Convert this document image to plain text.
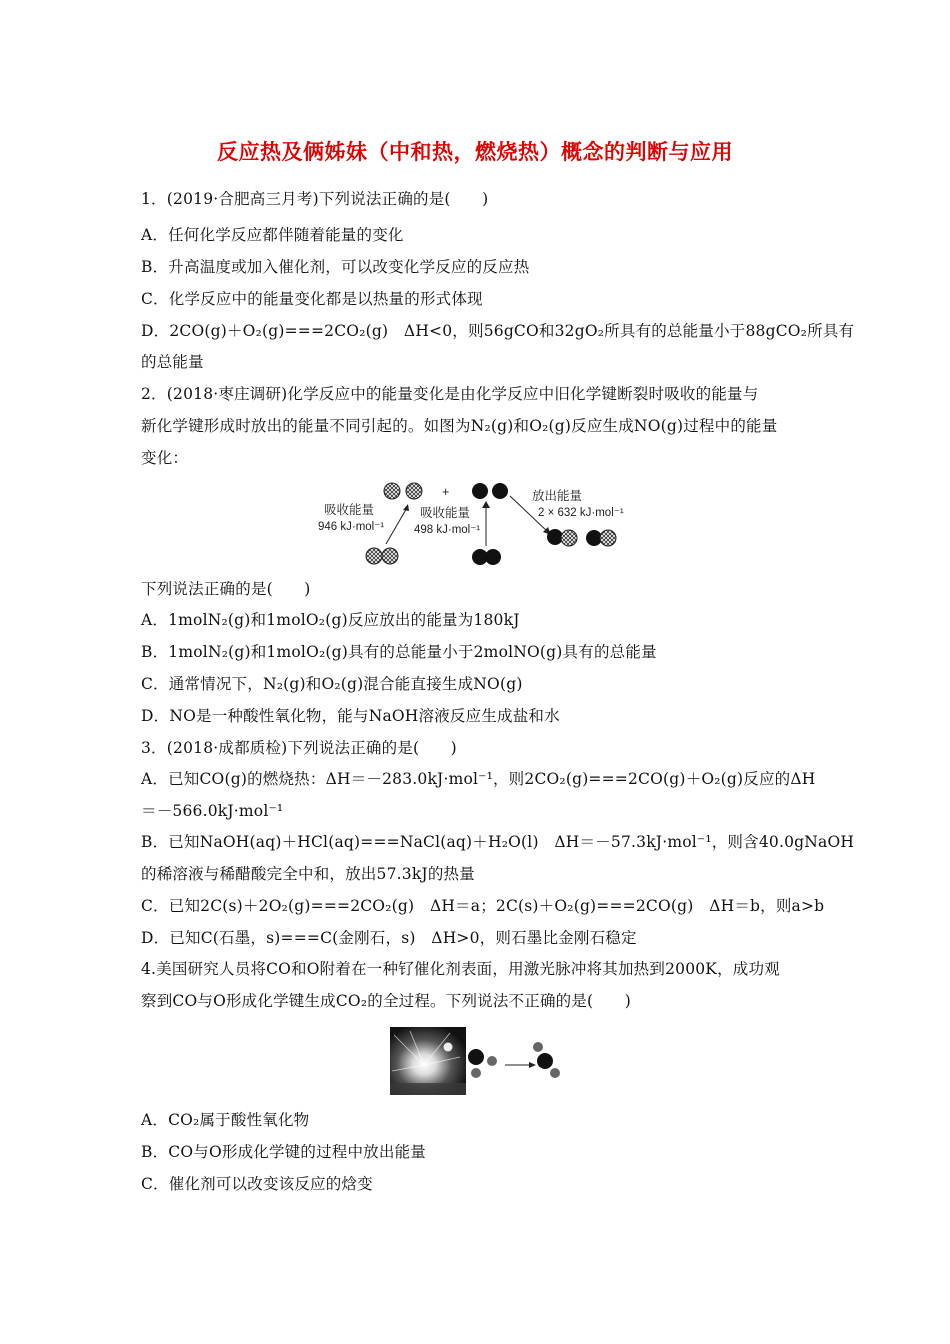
反应热及俩姊妹（中和热，燃烧热）概念的判断与应用
1．(2019·合肥高三月考)下列说法正确的是(　　)
A．任何化学反应都伴随着能量的变化
B．升高温度或加入催化剂，可以改变化学反应的反应热
C．化学反应中的能量变化都是以热量的形式体现
D．2CO(g)＋O₂(g)===2CO₂(g)　ΔH<0，则56gCO和32gO₂所具有的总能量小于88gCO₂所具有
的总能量
2．(2018·枣庄调研)化学反应中的能量变化是由化学反应中旧化学键断裂时吸收的能量与
新化学键形成时放出的能量不同引起的。如图为N₂(g)和O₂(g)反应生成NO(g)过程中的能量
变化：
+
吸收能量
946 kJ·mol⁻¹
吸收能量
498 kJ·mol⁻¹
放出能量
2 × 632 kJ·mol⁻¹
下列说法正确的是(　　)
A．1molN₂(g)和1molO₂(g)反应放出的能量为180kJ
B．1molN₂(g)和1molO₂(g)具有的总能量小于2molNO(g)具有的总能量
C．通常情况下，N₂(g)和O₂(g)混合能直接生成NO(g)
D．NO是一种酸性氧化物，能与NaOH溶液反应生成盐和水
3．(2018·成都质检)下列说法正确的是(　　)
A．已知CO(g)的燃烧热：ΔH＝－283.0kJ·mol⁻¹，则2CO₂(g)===2CO(g)＋O₂(g)反应的ΔH
＝－566.0kJ·mol⁻¹
B．已知NaOH(aq)＋HCl(aq)===NaCl(aq)＋H₂O(l)　ΔH＝－57.3kJ·mol⁻¹，则含40.0gNaOH
的稀溶液与稀醋酸完全中和，放出57.3kJ的热量
C．已知2C(s)＋2O₂(g)===2CO₂(g)　ΔH＝a；2C(s)＋O₂(g)===2CO(g)　ΔH＝b，则a>b
D．已知C(石墨，s)===C(金刚石，s)　ΔH>0，则石墨比金刚石稳定
4.美国研究人员将CO和O附着在一种钌催化剂表面，用激光脉冲将其加热到2000K，成功观
察到CO与O形成化学键生成CO₂的全过程。下列说法不正确的是(　　)
A．CO₂属于酸性氧化物
B．CO与O形成化学键的过程中放出能量
C．催化剂可以改变该反应的焓变
